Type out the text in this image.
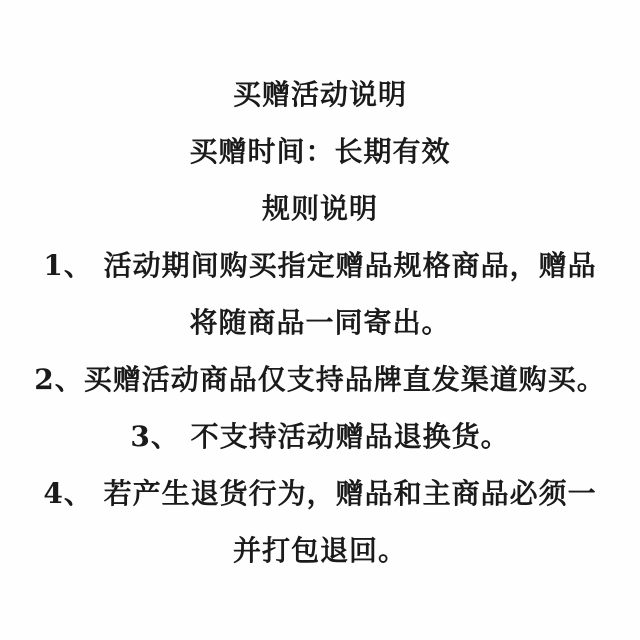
买赠活动说明
买赠时间：长期有效
规则说明
1、 活动期间购买指定赠品规格商品，赠品
将随商品一同寄出。
2、买赠活动商品仅支持品牌直发渠道购买。
3、 不支持活动赠品退换货。
4、 若产生退货行为，赠品和主商品必须一
并打包退回。
